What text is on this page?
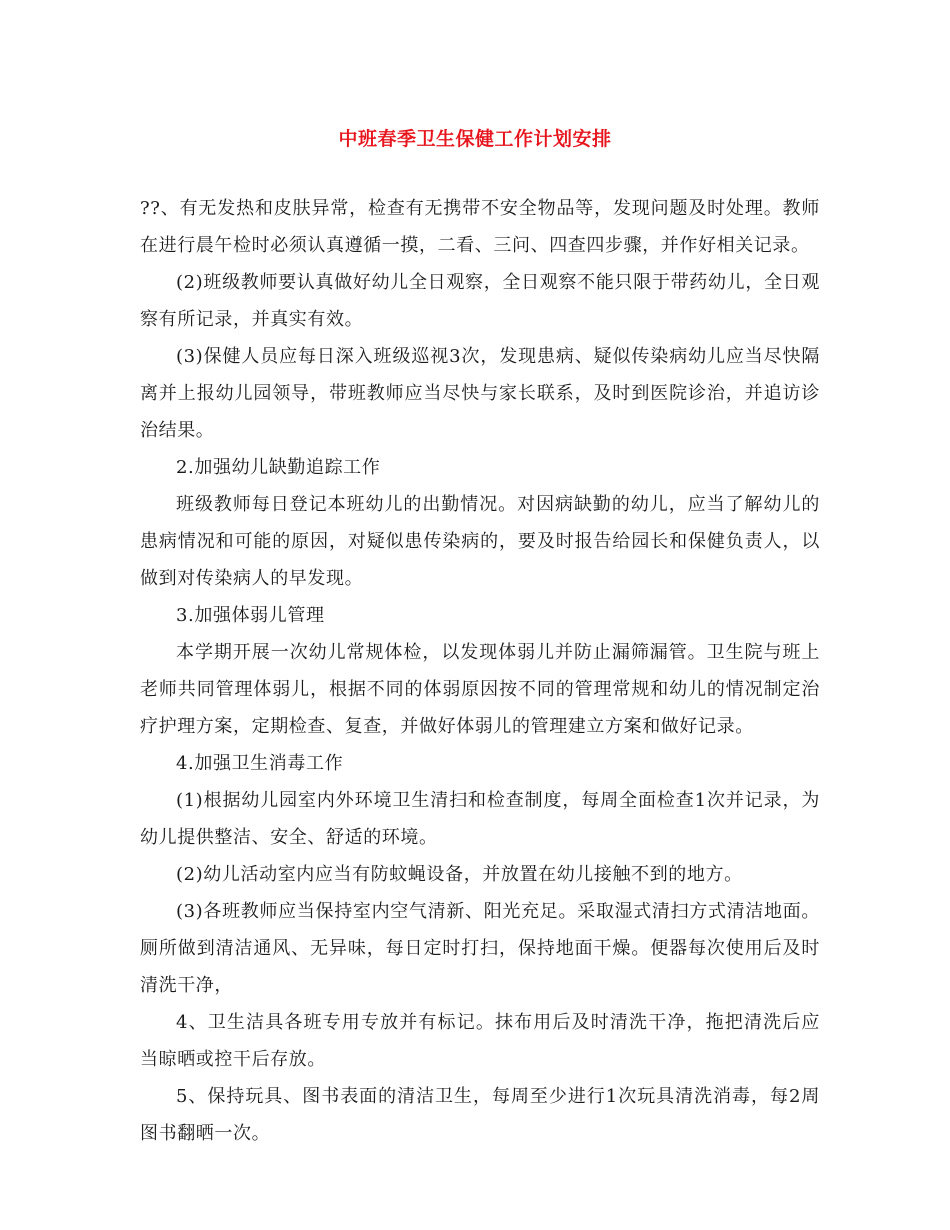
中班春季卫生保健工作计划安排

??、有无发热和皮肤异常，检查有无携带不安全物品等，发现问题及时处理。教师在进行晨午检时必须认真遵循一摸，二看、三问、四查四步骤，并作好相关记录。

(2)班级教师要认真做好幼儿全日观察，全日观察不能只限于带药幼儿，全日观察有所记录，并真实有效。

(3)保健人员应每日深入班级巡视3次，发现患病、疑似传染病幼儿应当尽快隔离并上报幼儿园领导，带班教师应当尽快与家长联系，及时到医院诊治，并追访诊治结果。

2.加强幼儿缺勤追踪工作

班级教师每日登记本班幼儿的出勤情况。对因病缺勤的幼儿，应当了解幼儿的患病情况和可能的原因，对疑似患传染病的，要及时报告给园长和保健负责人，以做到对传染病人的早发现。

3.加强体弱儿管理

本学期开展一次幼儿常规体检，以发现体弱儿并防止漏筛漏管。卫生院与班上老师共同管理体弱儿，根据不同的体弱原因按不同的管理常规和幼儿的情况制定治疗护理方案，定期检查、复查，并做好体弱儿的管理建立方案和做好记录。

4.加强卫生消毒工作

(1)根据幼儿园室内外环境卫生清扫和检查制度，每周全面检查1次并记录，为幼儿提供整洁、安全、舒适的环境。

(2)幼儿活动室内应当有防蚊蝇设备，并放置在幼儿接触不到的地方。

(3)各班教师应当保持室内空气清新、阳光充足。采取湿式清扫方式清洁地面。厕所做到清洁通风、无异味，每日定时打扫，保持地面干燥。便器每次使用后及时清洗干净，

4、卫生洁具各班专用专放并有标记。抹布用后及时清洗干净，拖把清洗后应当晾晒或控干后存放。

5、保持玩具、图书表面的清洁卫生，每周至少进行1次玩具清洗消毒，每2周图书翻晒一次。
